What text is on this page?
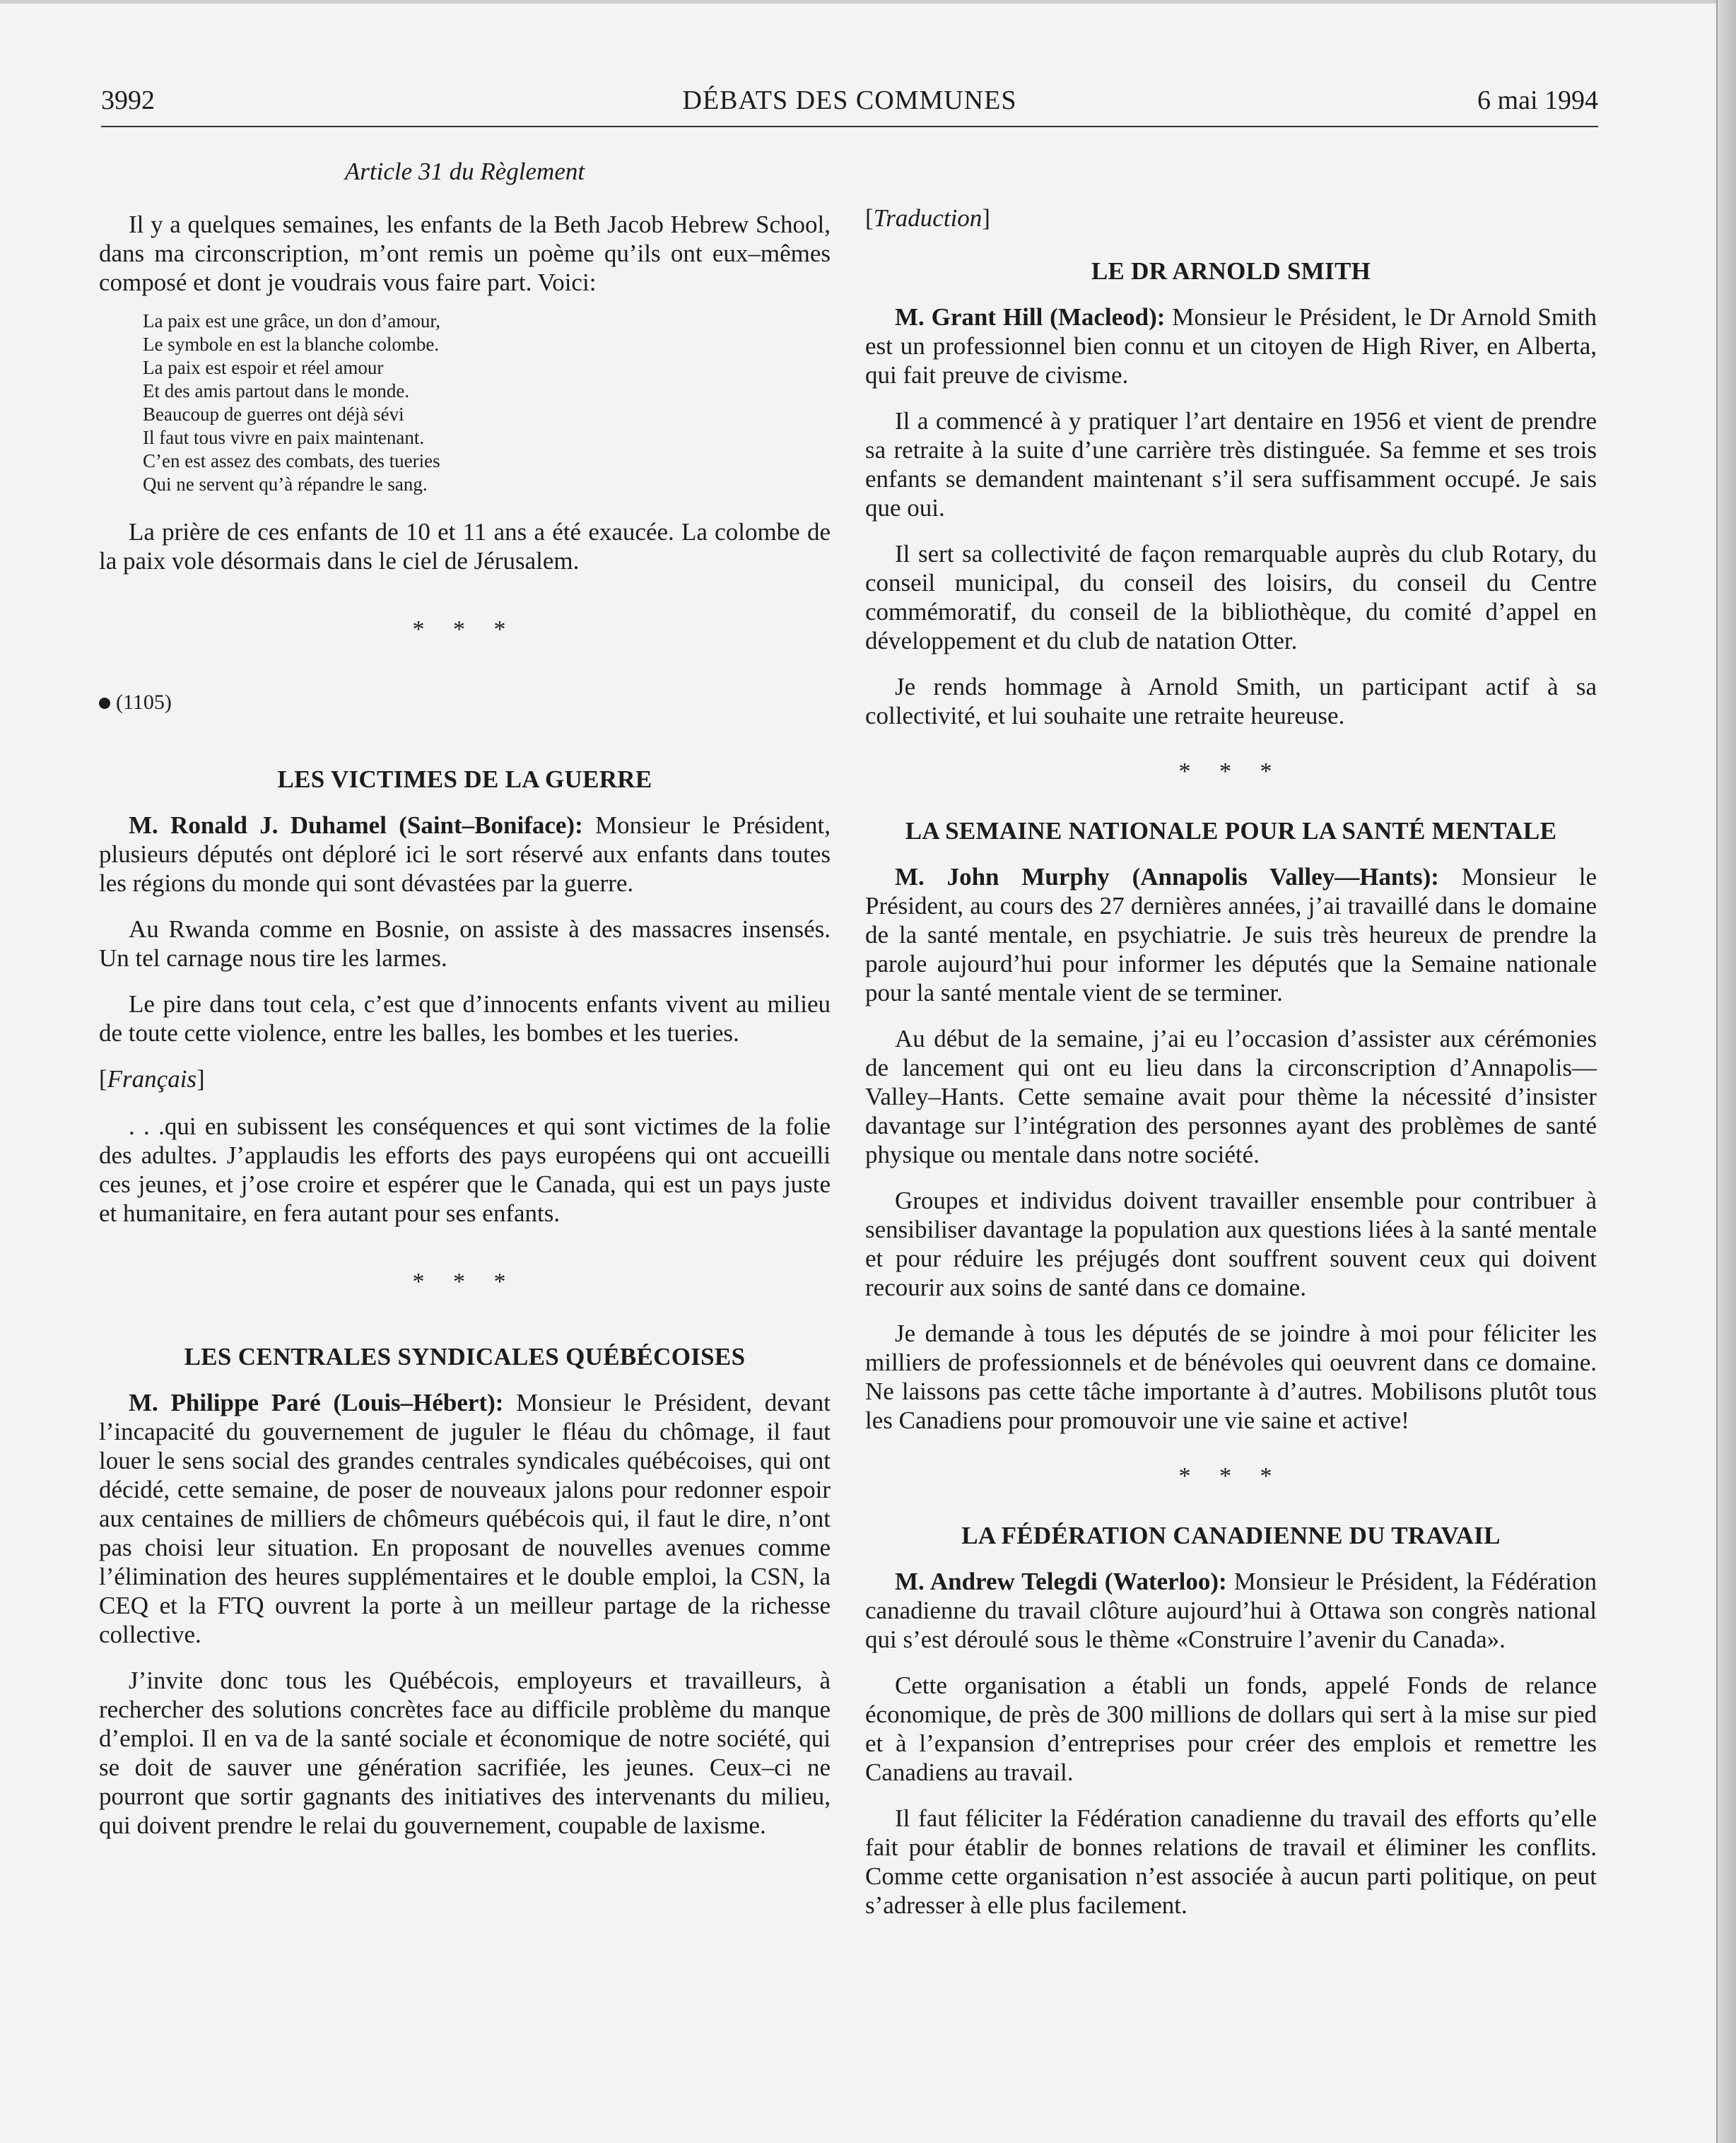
3992	DÉBATS DES COMMUNES	6 mai 1994
Article 31 du Règlement

Il y a quelques semaines, les enfants de la Beth Jacob Hebrew School, dans ma circonscription, m’ont remis un poème qu’ils ont eux–mêmes composé et dont je voudrais vous faire part. Voici:

La paix est une grâce, un don d’amour,
Le symbole en est la blanche colombe.
La paix est espoir et réel amour
Et des amis partout dans le monde.
Beaucoup de guerres ont déjà sévi
Il faut tous vivre en paix maintenant.
C’en est assez des combats, des tueries
Qui ne servent qu’à répandre le sang.

La prière de ces enfants de 10 et 11 ans a été exaucée. La colombe de la paix vole désormais dans le ciel de Jérusalem.

* * *
(1105)
LES VICTIMES DE LA GUERRE

M. Ronald J. Duhamel (Saint–Boniface): Monsieur le Président, plusieurs députés ont déploré ici le sort réservé aux enfants dans toutes les régions du monde qui sont dévastées par la guerre.

Au Rwanda comme en Bosnie, on assiste à des massacres insensés. Un tel carnage nous tire les larmes.

Le pire dans tout cela, c’est que d’innocents enfants vivent au milieu de toute cette violence, entre les balles, les bombes et les tueries.

[Français]

. . .qui en subissent les conséquences et qui sont victimes de la folie des adultes. J’applaudis les efforts des pays européens qui ont accueilli ces jeunes, et j’ose croire et espérer que le Canada, qui est un pays juste et humanitaire, en fera autant pour ses enfants.

* * *
LES CENTRALES SYNDICALES QUÉBÉCOISES

M. Philippe Paré (Louis–Hébert): Monsieur le Président, devant l’incapacité du gouvernement de juguler le fléau du chômage, il faut louer le sens social des grandes centrales syndicales québécoises, qui ont décidé, cette semaine, de poser de nouveaux jalons pour redonner espoir aux centaines de milliers de chômeurs québécois qui, il faut le dire, n’ont pas choisi leur situation. En proposant de nouvelles avenues comme l’élimination des heures supplémentaires et le double emploi, la CSN, la CEQ et la FTQ ouvrent la porte à un meilleur partage de la richesse collective.

J’invite donc tous les Québécois, employeurs et travailleurs, à rechercher des solutions concrètes face au difficile problème du manque d’emploi. Il en va de la santé sociale et économique de notre société, qui se doit de sauver une génération sacrifiée, les jeunes. Ceux–ci ne pourront que sortir gagnants des initiatives des intervenants du milieu, qui doivent prendre le relai du gouvernement, coupable de laxisme.

[Traduction]
LE DR ARNOLD SMITH

M. Grant Hill (Macleod): Monsieur le Président, le Dr Arnold Smith est un professionnel bien connu et un citoyen de High River, en Alberta, qui fait preuve de civisme.

Il a commencé à y pratiquer l’art dentaire en 1956 et vient de prendre sa retraite à la suite d’une carrière très distinguée. Sa femme et ses trois enfants se demandent maintenant s’il sera suffisamment occupé. Je sais que oui.

Il sert sa collectivité de façon remarquable auprès du club Rotary, du conseil municipal, du conseil des loisirs, du conseil du Centre commémoratif, du conseil de la bibliothèque, du comité d’appel en développement et du club de natation Otter.

Je rends hommage à Arnold Smith, un participant actif à sa collectivité, et lui souhaite une retraite heureuse.

* * *
LA SEMAINE NATIONALE POUR LA SANTÉ MENTALE

M. John Murphy (Annapolis Valley—Hants): Monsieur le Président, au cours des 27 dernières années, j’ai travaillé dans le domaine de la santé mentale, en psychiatrie. Je suis très heureux de prendre la parole aujourd’hui pour informer les députés que la Semaine nationale pour la santé mentale vient de se terminer.

Au début de la semaine, j’ai eu l’occasion d’assister aux cérémonies de lancement qui ont eu lieu dans la circonscription d’Annapolis—Valley–Hants. Cette semaine avait pour thème la nécessité d’insister davantage sur l’intégration des personnes ayant des problèmes de santé physique ou mentale dans notre société.

Groupes et individus doivent travailler ensemble pour contribuer à sensibiliser davantage la population aux questions liées à la santé mentale et pour réduire les préjugés dont souffrent souvent ceux qui doivent recourir aux soins de santé dans ce domaine.

Je demande à tous les députés de se joindre à moi pour féliciter les milliers de professionnels et de bénévoles qui oeuvrent dans ce domaine. Ne laissons pas cette tâche importante à d’autres. Mobilisons plutôt tous les Canadiens pour promouvoir une vie saine et active!

* * *
LA FÉDÉRATION CANADIENNE DU TRAVAIL

M. Andrew Telegdi (Waterloo): Monsieur le Président, la Fédération canadienne du travail clôture aujourd’hui à Ottawa son congrès national qui s’est déroulé sous le thème «Construire l’avenir du Canada».

Cette organisation a établi un fonds, appelé Fonds de relance économique, de près de 300 millions de dollars qui sert à la mise sur pied et à l’expansion d’entreprises pour créer des emplois et remettre les Canadiens au travail.

Il faut féliciter la Fédération canadienne du travail des efforts qu’elle fait pour établir de bonnes relations de travail et éliminer les conflits. Comme cette organisation n’est associée à aucun parti politique, on peut s’adresser à elle plus facilement.
